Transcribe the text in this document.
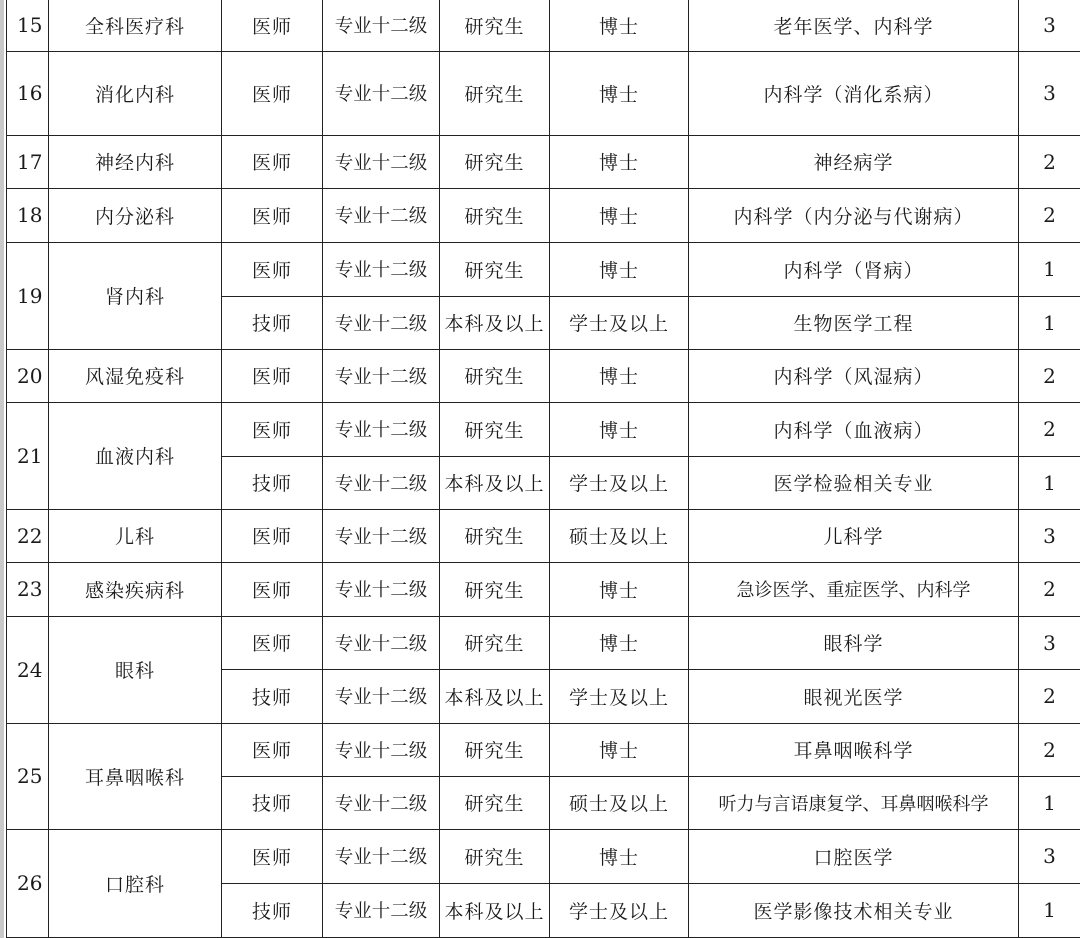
15	全科医疗科	医师	专业十二级	研究生	博士	老年医学、内科学	3
16	消化内科	医师	专业十二级	研究生	博士	内科学（消化系病）	3
17	神经内科	医师	专业十二级	研究生	博士	神经病学	2
18	内分泌科	医师	专业十二级	研究生	博士	内科学（内分泌与代谢病）	2
19	肾内科	医师	专业十二级	研究生	博士	内科学（肾病）	1
		技师	专业十二级	本科及以上	学士及以上	生物医学工程	1
20	风湿免疫科	医师	专业十二级	研究生	博士	内科学（风湿病）	2
21	血液内科	医师	专业十二级	研究生	博士	内科学（血液病）	2
		技师	专业十二级	本科及以上	学士及以上	医学检验相关专业	1
22	儿科	医师	专业十二级	研究生	硕士及以上	儿科学	3
23	感染疾病科	医师	专业十二级	研究生	博士	急诊医学、重症医学、内科学	2
24	眼科	医师	专业十二级	研究生	博士	眼科学	3
		技师	专业十二级	本科及以上	学士及以上	眼视光医学	2
25	耳鼻咽喉科	医师	专业十二级	研究生	博士	耳鼻咽喉科学	2
		技师	专业十二级	研究生	硕士及以上	听力与言语康复学、耳鼻咽喉科学	1
26	口腔科	医师	专业十二级	研究生	博士	口腔医学	3
		技师	专业十二级	本科及以上	学士及以上	医学影像技术相关专业	1
